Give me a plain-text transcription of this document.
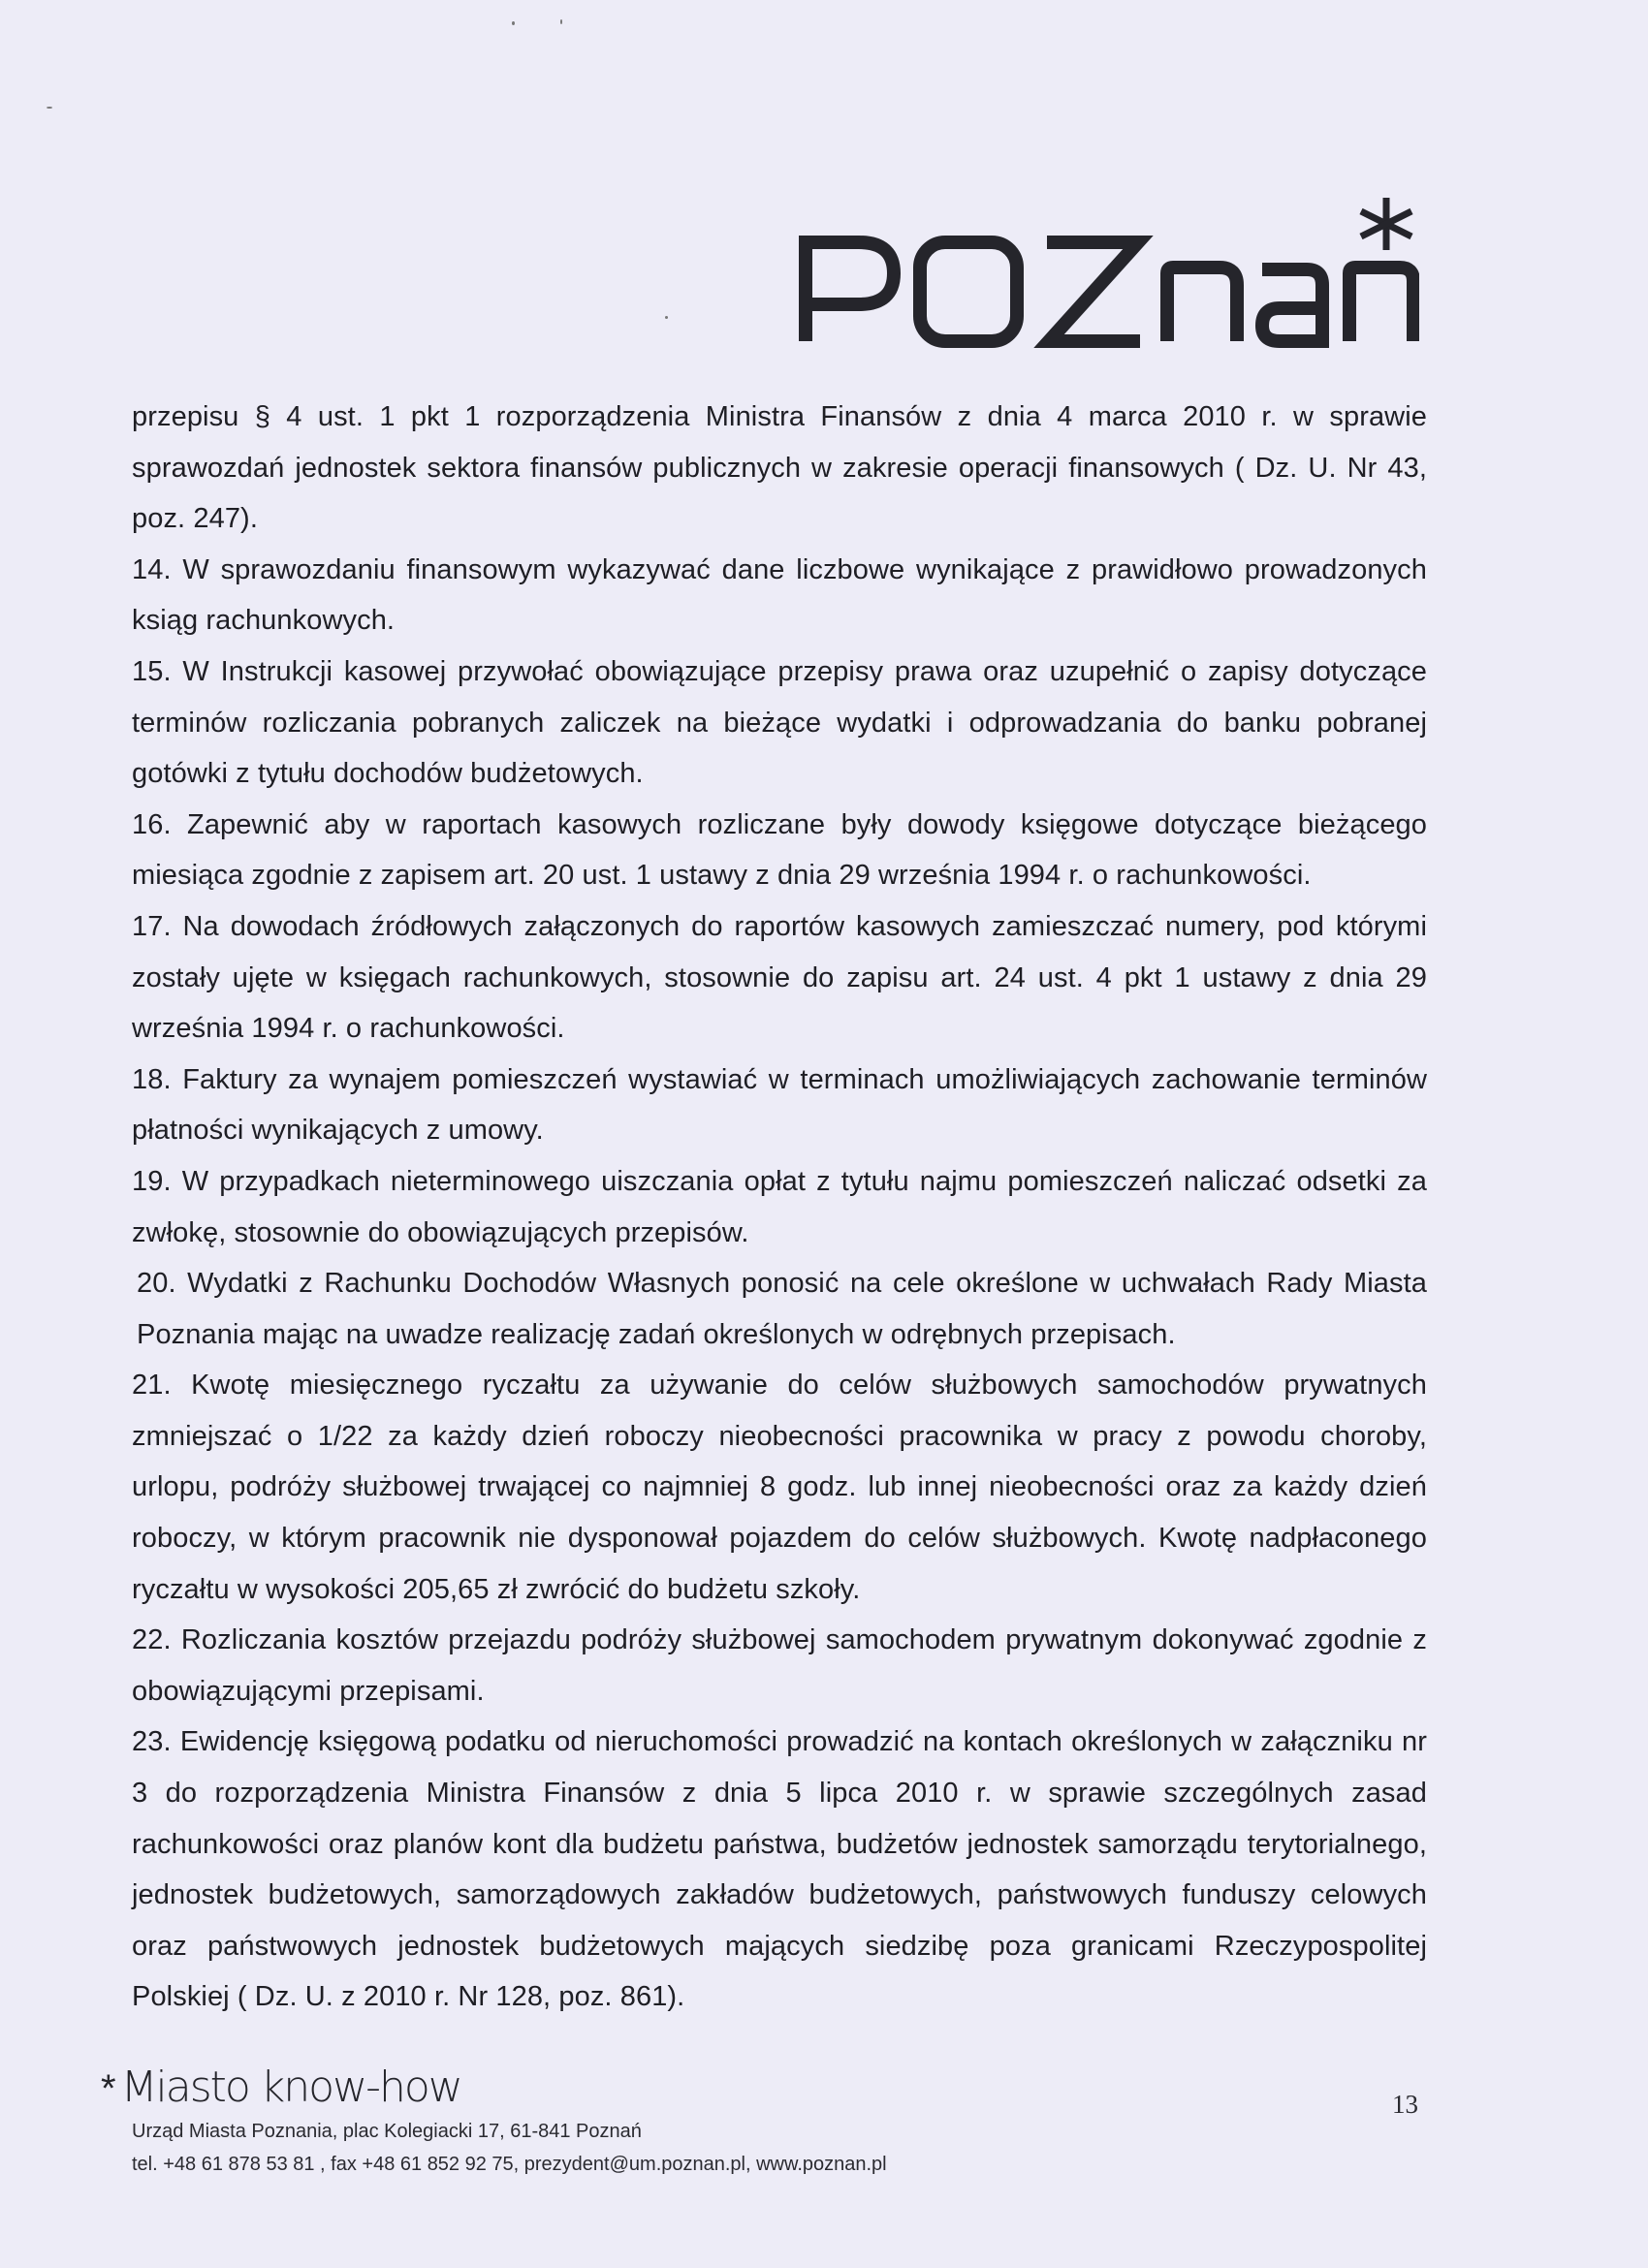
przepisu § 4 ust. 1 pkt 1 rozporządzenia Ministra Finansów z dnia 4 marca 2010 r. w sprawie sprawozdań jednostek sektora finansów publicznych w zakresie operacji finansowych ( Dz. U. Nr 43, poz. 247).

14. W sprawozdaniu finansowym wykazywać dane liczbowe wynikające z prawidłowo prowadzonych ksiąg rachunkowych.

15. W Instrukcji kasowej przywołać obowiązujące przepisy prawa oraz uzupełnić o zapisy dotyczące terminów rozliczania pobranych zaliczek na bieżące wydatki i odprowadzania do banku pobranej gotówki z tytułu dochodów budżetowych.

16. Zapewnić aby w raportach kasowych rozliczane były dowody księgowe dotyczące bieżącego miesiąca zgodnie z zapisem art. 20 ust. 1 ustawy z dnia 29 września 1994 r. o rachunkowości.

17. Na dowodach źródłowych załączonych do raportów kasowych zamieszczać numery, pod którymi zostały ujęte w księgach rachunkowych, stosownie do zapisu art. 24 ust. 4 pkt 1 ustawy z dnia 29 września 1994 r. o rachunkowości.

18. Faktury za wynajem pomieszczeń wystawiać w terminach umożliwiających zachowanie terminów płatności wynikających z umowy.

19. W przypadkach nieterminowego uiszczania opłat z tytułu najmu pomieszczeń naliczać odsetki za zwłokę, stosownie do obowiązujących przepisów.

20. Wydatki z Rachunku Dochodów Własnych ponosić na cele określone w uchwałach Rady Miasta Poznania mając na uwadze realizację zadań określonych w odrębnych przepisach.

21. Kwotę miesięcznego ryczałtu za używanie do celów służbowych samochodów prywatnych zmniejszać o 1/22 za każdy dzień roboczy nieobecności pracownika w pracy z powodu choroby, urlopu, podróży służbowej trwającej co najmniej 8 godz. lub innej nieobecności oraz za każdy dzień roboczy, w którym pracownik nie dysponował pojazdem do celów służbowych. Kwotę nadpłaconego ryczałtu w wysokości 205,65 zł zwrócić do budżetu szkoły.

22. Rozliczania kosztów przejazdu podróży służbowej samochodem prywatnym dokonywać zgodnie z obowiązującymi przepisami.

23. Ewidencję księgową podatku od nieruchomości prowadzić na kontach określonych w załączniku nr 3 do rozporządzenia Ministra Finansów z dnia 5 lipca 2010 r. w sprawie szczególnych zasad rachunkowości oraz planów kont dla budżetu państwa, budżetów jednostek samorządu terytorialnego, jednostek budżetowych, samorządowych zakładów budżetowych, państwowych funduszy celowych oraz państwowych jednostek budżetowych mających siedzibę poza granicami Rzeczypospolitej Polskiej ( Dz. U. z 2010 r. Nr 128, poz. 861).

* Miasto know-how
Urząd Miasta Poznania, plac Kolegiacki 17, 61-841 Poznań
tel. +48 61 878 53 81 , fax +48 61 852 92 75, prezydent@um.poznan.pl, www.poznan.pl
13
